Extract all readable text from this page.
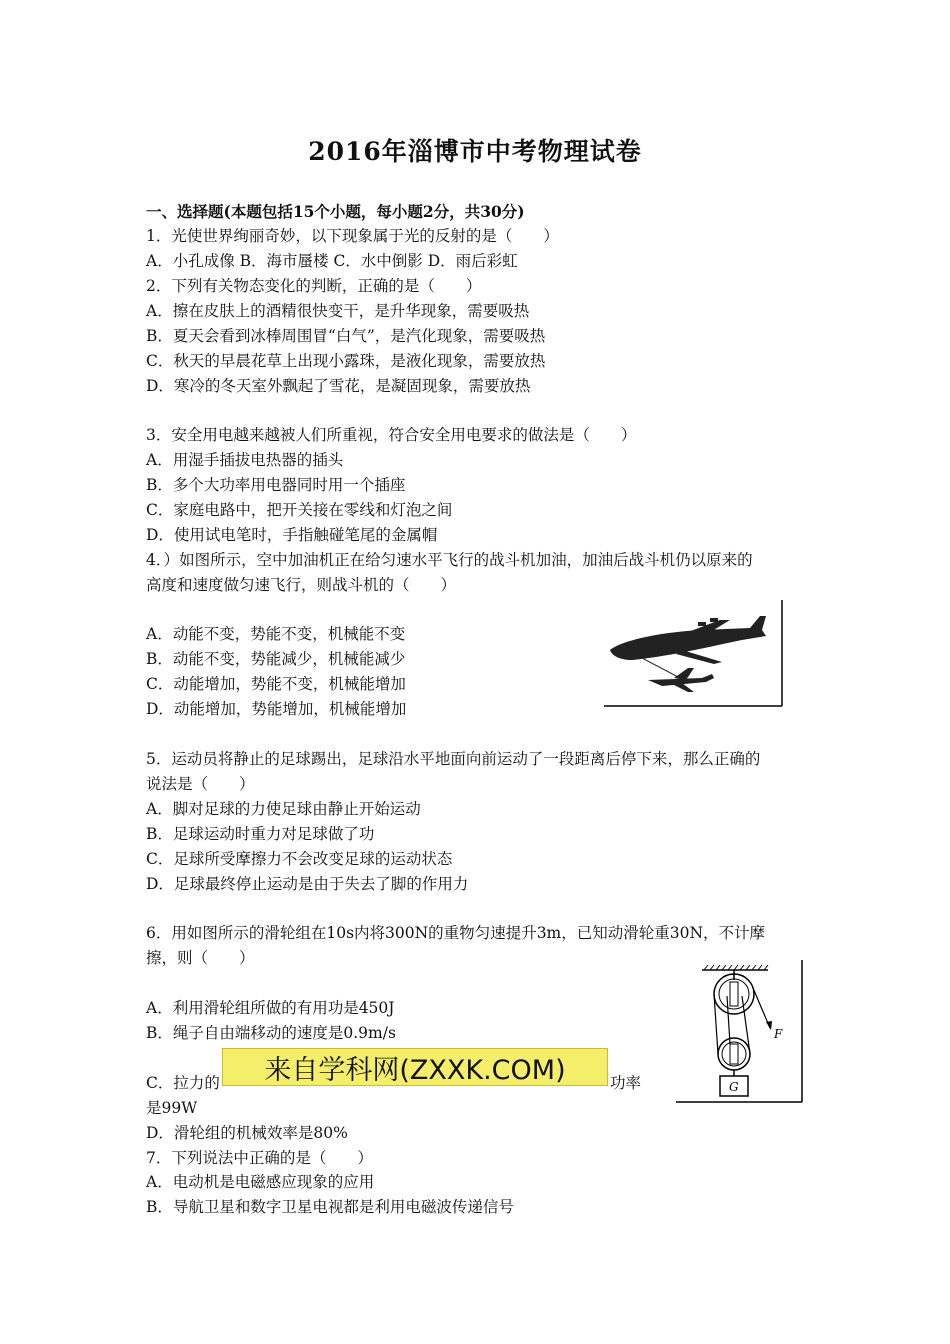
2016年淄博市中考物理试卷
一、选择题(本题包括15个小题，每小题2分，共30分)
1．光使世界绚丽奇妙，以下现象属于光的反射的是（　　）
A．小孔成像 B．海市蜃楼 C．水中倒影 D．雨后彩虹
2．下列有关物态变化的判断，正确的是（　　）
A．擦在皮肤上的酒精很快变干，是升华现象，需要吸热
B．夏天会看到冰棒周围冒“白气”，是汽化现象，需要吸热
C．秋天的早晨花草上出现小露珠，是液化现象，需要放热
D．寒冷的冬天室外飘起了雪花，是凝固现象，需要放热
3．安全用电越来越被人们所重视，符合安全用电要求的做法是（　　）
A．用湿手插拔电热器的插头
B．多个大功率用电器同时用一个插座
C．家庭电路中，把开关接在零线和灯泡之间
D．使用试电笔时，手指触碰笔尾的金属帽
4．）如图所示，空中加油机正在给匀速水平飞行的战斗机加油，加油后战斗机仍以原来的
高度和速度做匀速飞行，则战斗机的（　　）
A．动能不变，势能不变，机械能不变
B．动能不变，势能减少，机械能减少
C．动能增加，势能不变，机械能增加
D．动能增加，势能增加，机械能增加
5．运动员将静止的足球踢出，足球沿水平地面向前运动了一段距离后停下来，那么正确的
说法是（　　）
A．脚对足球的力使足球由静止开始运动
B．足球运动时重力对足球做了功
C．足球所受摩擦力不会改变足球的运动状态
D．足球最终停止运动是由于失去了脚的作用力
6．用如图所示的滑轮组在10s内将300N的重物匀速提升3m，已知动滑轮重30N，不计摩
擦，则（　　）
A．利用滑轮组所做的有用功是450J
B．绳子自由端移动的速度是0.9m/s
C．拉力的	功率
是99W
D．滑轮组的机械效率是80%
7．下列说法中正确的是（　　）
A．电动机是电磁感应现象的应用
B．导航卫星和数字卫星电视都是利用电磁波传递信号
F
G
来自学科网(ZXXK.COM)
